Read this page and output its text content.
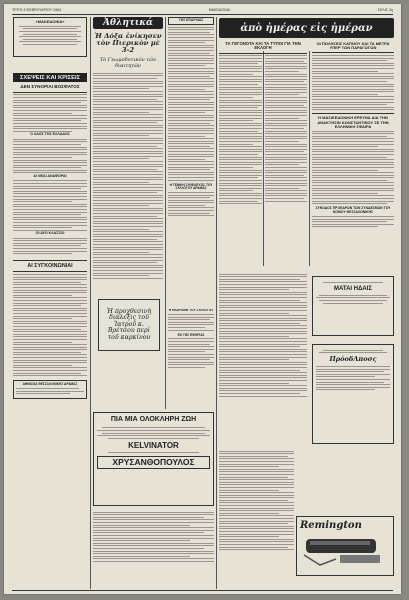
ΤΡΙΤΗ 4 ΦΕΒΡΟΥΑΡΙΟΥ 1964	ΜΑΚΕΔΟΝΙΑ	ΣΕΛΙΣ 3η
«ΜΑΚΕΔΟΝΙΑ»
ΣΧΕΨΕΙΣ ΚΑΙ ΚΡΙΣΕΙΣ
ΔΕΝ ΣΥΝΟΡΙΑΙ ΒΟΣΦΑΤΟΣ
Ο ΛΑΟΣ ΤΗΣ ΕΛΛΑΔΟΣ
ΑΙ ΝΕΑΙ ΑΝΑΦΟΡΑΙ
ΟΙ ΔΥΟ ΚΛΑΣΣΟΙ
ΑΙ ΣΥΓΚΟΙΝΩΝΙΑΙ
ΔΗΜΟΣΙΑ ΘΕΣΣΑΛΟΝΙΚΗΣ ΔΡΑΜΑΣ
Ἀθλητικά
Ἡ Δόξα ἐνίκησεν τὸν Πιερικὸν μὲ 3-2
Τὸ Γνωμοδοτικὸν τῶν διαιτητῶν
ΤΗΣ ΕΠΑΡΧΙΑΣ
Η ΓΕΝΙΚΗ ΣΥΝΕΛΕΥΣΙΣ ΤΟΥ ΣΥΛΛΟΓΟΥ ΔΡΑΜΑΣ
Η ΕΚΔΡΟΜΗ ΤΟΥ ΣΥΛΛΟΓΟΥ
ΕΚ ΤΗΣ ΕΦΟΡΙΑΣ
Ἡ προχθεσινὴ διάλεξις τοῦ Ἰατροῦ κ. Βρέτσου περὶ τοῦ καρκίνου
ἀπὸ ἡμέρας εἰς ἡμέραν
ΤΑ ΓΕΓΟΝΟΤΑ ΚΑΙ ΤΑ ΤΥΠΟΙ ΓΙΑ ΤΗΝ ΕΚΛΟΓΗ
ΟΙ ΠΩΛΗΣΕΙΣ ΚΑΠΝΟΥ ΚΑΙ ΤΑ ΜΕΤΡΑ ΥΠΕΡ ΤΩΝ ΠΑΡΑΓΩΓΩΝ
Η ΜΑΣΙΚΕΔΟΝΙΚΗ ΕΡΕΥΝΑ ΔΙΑ ΤΗΝ ΑΝΑΚΤΗΣΙΝ ΚΩΝΣΤΑΝΤΙΝΟΥ ΣΕ ΤΗΝ ΕΛΛΗΝΙΚΗ ΣΦΑΙΡΑ
ΣΥΝΟΔΟΣ ΠΡΟΕΔΡΩΝ ΤΩΝ ΣΥΝΔΕΣΜΩΝ ΤΟΥ ΝΟΜΟΥ ΘΕΣΣΑΛΟΝΙΚΗΣ
ΜΑΤΑΙ ΗΔΑΙΣ
ΠρόοδΛποσς
ΠΙΑ ΜΙΑ ΟΛΟΚΛΗΡΗ ΖΩΗ
KELVINATOR
ΧΡΥΣΑΝΘΟΠΟΥΛΟΣ
Remington
